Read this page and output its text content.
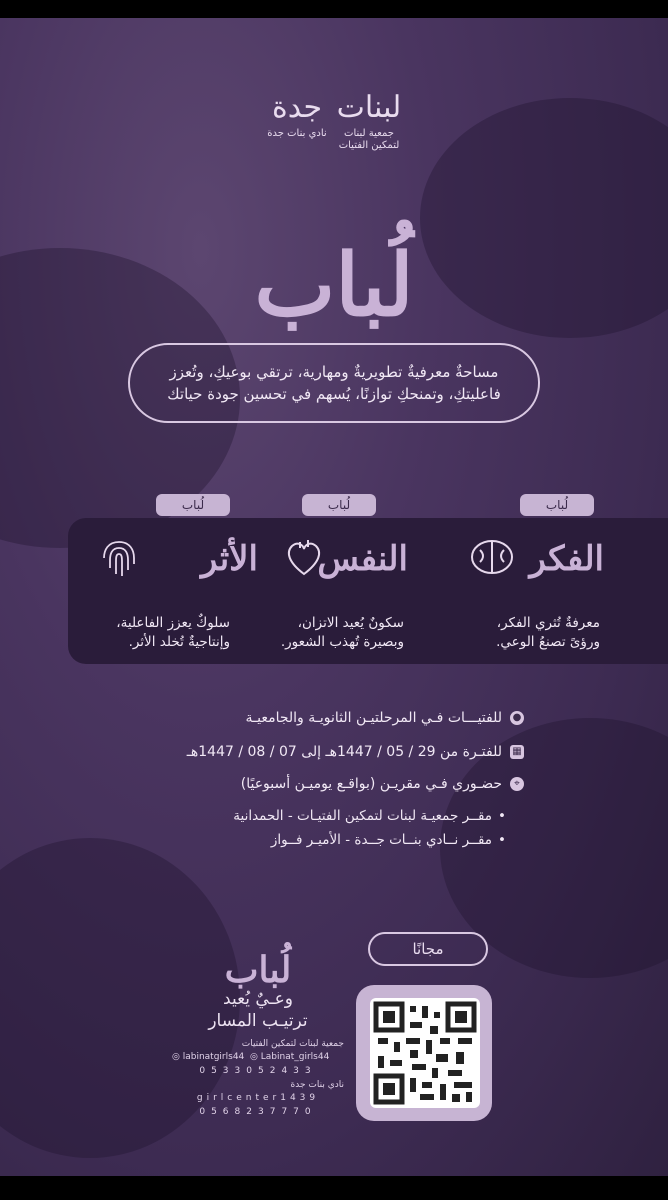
جدة
نادي بنات جدة
لبنات
جمعية لبنات
لتمكين الفتيات
لُباب
مساحةٌ معرفيةٌ تطويريةٌ ومهارية، ترتقي بوعيكِ، وتُعزز
فاعليتكِ، وتمنحكِ توازنًا، يُسهم في تحسين جودة حياتك
لُباب
الفكر
معرفةٌ تُثري الفكر،
ورؤىً تصنعُ الوعي.
لُباب
النفس
سكونٌ يُعيد الاتزان،
وبصيرة تُهذب الشعور.
لُباب
الأثر
سلوكٌ يعزز الفاعلية،
وإنتاجيةٌ تُخلد الأثر.
●للفتيـــات فـي المرحلتيـن الثانويـة والجامعيـة
▦للفتـرة من 29 / 05 / 1447هـ إلى 07 / 08 / 1447هـ
⌖حضـوري فـي مقريـن (بواقـع يوميـن أسبوعيًا)
• مقــر جمعيـة لبنات لتمكين الفتيـات - الحمدانية
• مقــر نــادي بنــات جــدة - الأميـر فــواز
مجانًا
لُباب
وعـيٌ يُعيد
ترتيـب المسار
جمعية لبنات لتمكين الفتيات
◎ labinatgirls44 ◎ Labinat_girls44
0533052433
نادي بنات جدة
girlcenter1439
0568237770
